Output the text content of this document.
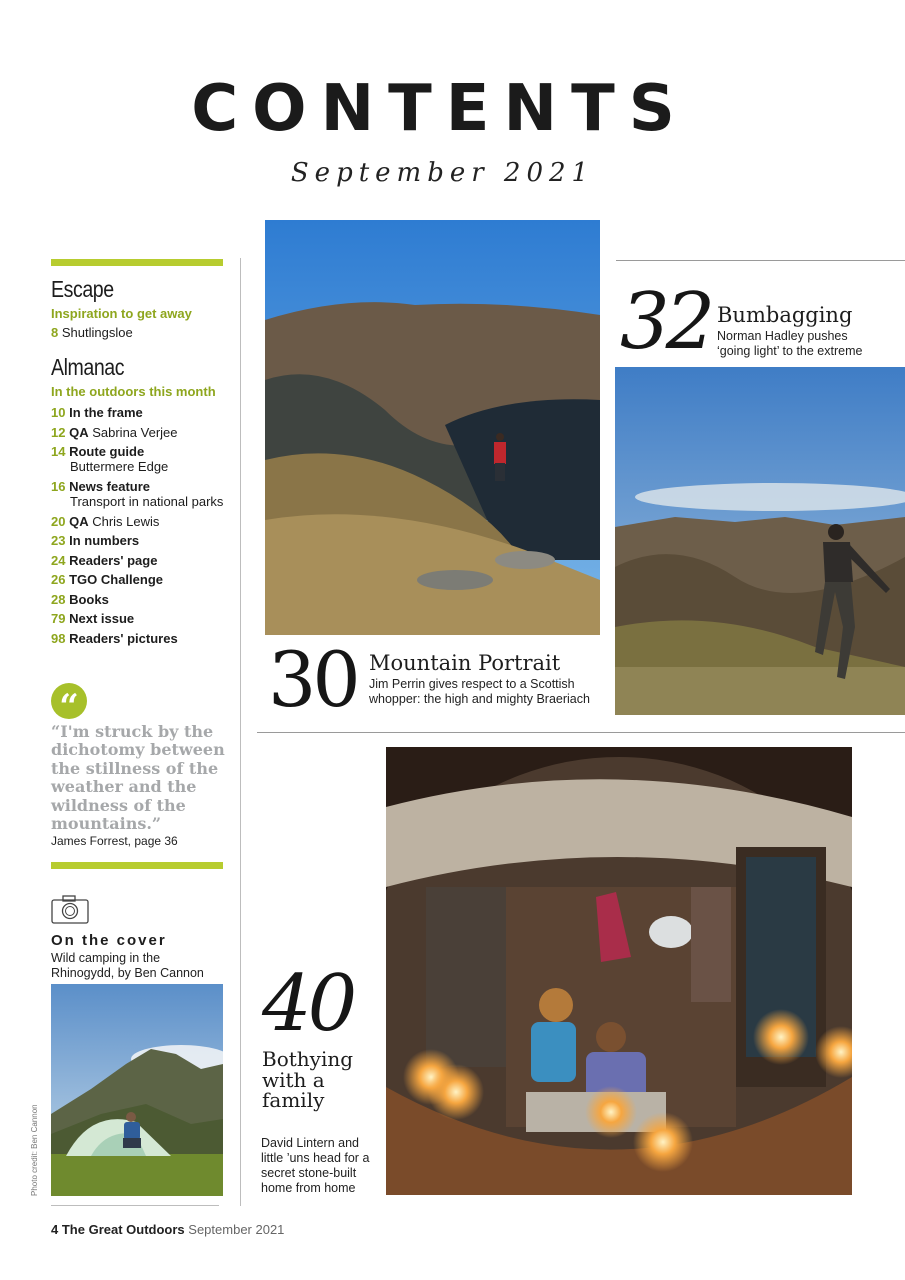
CONTENTS
September 2021
Escape
Inspiration to get away
8 Shutlingsloe
Almanac
In the outdoors this month
10 In the frame
12 QA Sabrina Verjee
14 Route guide
Buttermere Edge
16 News feature
Transport in national parks
20 QA Chris Lewis
23 In numbers
24 Readers' page
26 TGO Challenge
28 Books
79 Next issue
98 Readers' pictures
“
“I'm struck by the dichotomy between the stillness of the weather and the wildness of the mountains.”
James Forrest, page 36
On the cover
Wild camping in the Rhinogydd, by Ben Cannon
Photo credit: Ben Cannon
30 Mountain Portrait
Jim Perrin gives respect to a Scottish whopper: the high and mighty Braeriach
32 Bumbagging
Norman Hadley pushes ‘going light’ to the extreme
40
Bothying with a family
David Lintern and little ’uns head for a secret stone-built home from home
4 The Great Outdoors September 2021
